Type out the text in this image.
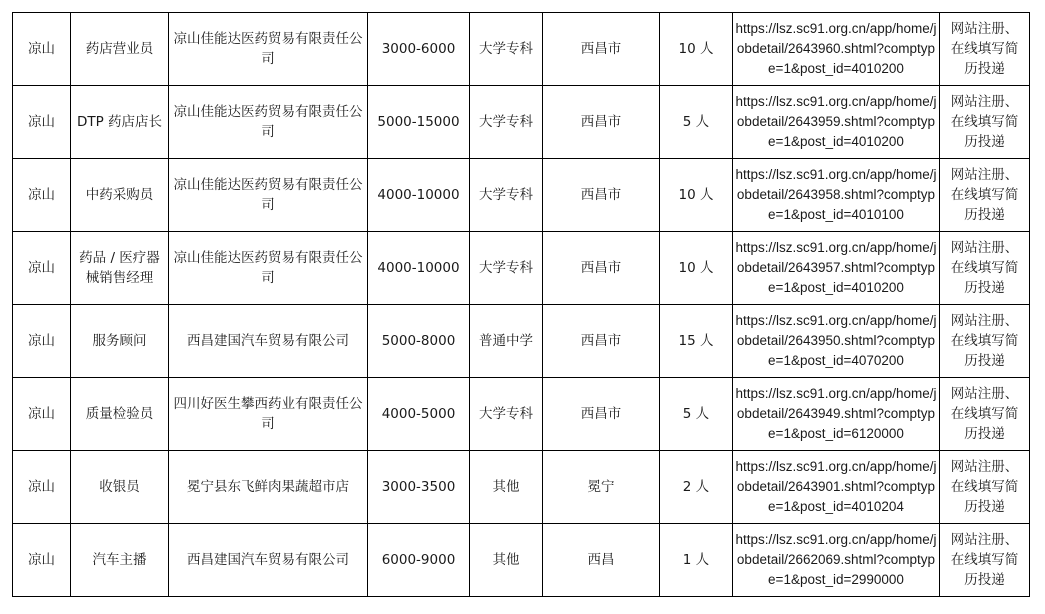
凉山	药店营业员	凉山佳能达医药贸易有限责任公司	3000-6000	大学专科	西昌市	10 人	https://lsz.sc91.org.cn/app/home/jobdetail/2643960.shtml?comptype=1&post_id=4010200	网站注册、在线填写简历投递
凉山	DTP 药店店长	凉山佳能达医药贸易有限责任公司	5000-15000	大学专科	西昌市	5 人	https://lsz.sc91.org.cn/app/home/jobdetail/2643959.shtml?comptype=1&post_id=4010200	网站注册、在线填写简历投递
凉山	中药采购员	凉山佳能达医药贸易有限责任公司	4000-10000	大学专科	西昌市	10 人	https://lsz.sc91.org.cn/app/home/jobdetail/2643958.shtml?comptype=1&post_id=4010100	网站注册、在线填写简历投递
凉山	药品 / 医疗器械销售经理	凉山佳能达医药贸易有限责任公司	4000-10000	大学专科	西昌市	10 人	https://lsz.sc91.org.cn/app/home/jobdetail/2643957.shtml?comptype=1&post_id=4010200	网站注册、在线填写简历投递
凉山	服务顾问	西昌建国汽车贸易有限公司	5000-8000	普通中学	西昌市	15 人	https://lsz.sc91.org.cn/app/home/jobdetail/2643950.shtml?comptype=1&post_id=4070200	网站注册、在线填写简历投递
凉山	质量检验员	四川好医生攀西药业有限责任公司	4000-5000	大学专科	西昌市	5 人	https://lsz.sc91.org.cn/app/home/jobdetail/2643949.shtml?comptype=1&post_id=6120000	网站注册、在线填写简历投递
凉山	收银员	冕宁县东飞鲜肉果蔬超市店	3000-3500	其他	冕宁	2 人	https://lsz.sc91.org.cn/app/home/jobdetail/2643901.shtml?comptype=1&post_id=4010204	网站注册、在线填写简历投递
凉山	汽车主播	西昌建国汽车贸易有限公司	6000-9000	其他	西昌	1 人	https://lsz.sc91.org.cn/app/home/jobdetail/2662069.shtml?comptype=1&post_id=2990000	网站注册、在线填写简历投递
